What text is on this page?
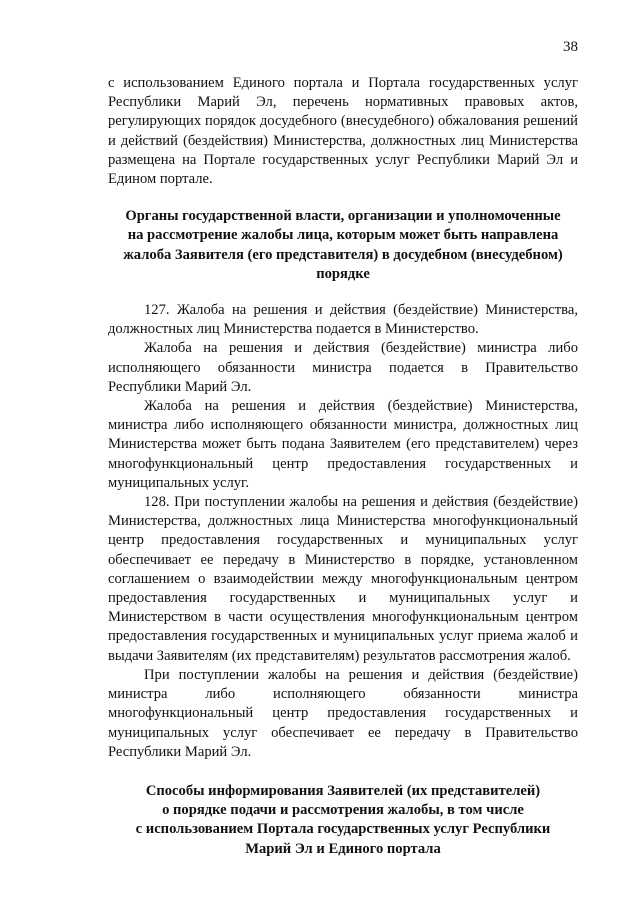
38

с использованием Единого портала и Портала государственных услуг Республики Марий Эл, перечень нормативных правовых актов, регулирующих порядок досудебного (внесудебного) обжалования решений и действий (бездействия) Министерства, должностных лиц Министерства размещена на Портале государственных услуг Республики Марий Эл и Едином портале.

Органы государственной власти, организации и уполномоченные
на рассмотрение жалобы лица, которым может быть направлена
жалоба Заявителя (его представителя) в досудебном (внесудебном)
порядке

127. Жалоба на решения и действия (бездействие) Министерства, должностных лиц Министерства подается в Министерство.

Жалоба на решения и действия (бездействие) министра либо исполняющего обязанности министра подается в Правительство Республики Марий Эл.

Жалоба на решения и действия (бездействие) Министерства, министра либо исполняющего обязанности министра, должностных лиц Министерства может быть подана Заявителем (его представителем) через многофункциональный центр предоставления государственных и муниципальных услуг.

128. При поступлении жалобы на решения и действия (бездействие) Министерства, должностных лица Министерства многофункциональный центр предоставления государственных и муниципальных услуг обеспечивает ее передачу в Министерство в порядке, установленном соглашением о взаимодействии между многофункциональным центром предоставления государственных и муниципальных услуг и Министерством в части осуществления многофункциональным центром предоставления государственных и муниципальных услуг приема жалоб и выдачи Заявителям (их представителям) результатов рассмотрения жалоб.

При поступлении жалобы на решения и действия (бездействие) министра либо исполняющего обязанности министра многофункциональный центр предоставления государственных и муниципальных услуг обеспечивает ее передачу в Правительство Республики Марий Эл.

Способы информирования Заявителей (их представителей)
о порядке подачи и рассмотрения жалобы, в том числе
с использованием Портала государственных услуг Республики
Марий Эл и Единого портала
